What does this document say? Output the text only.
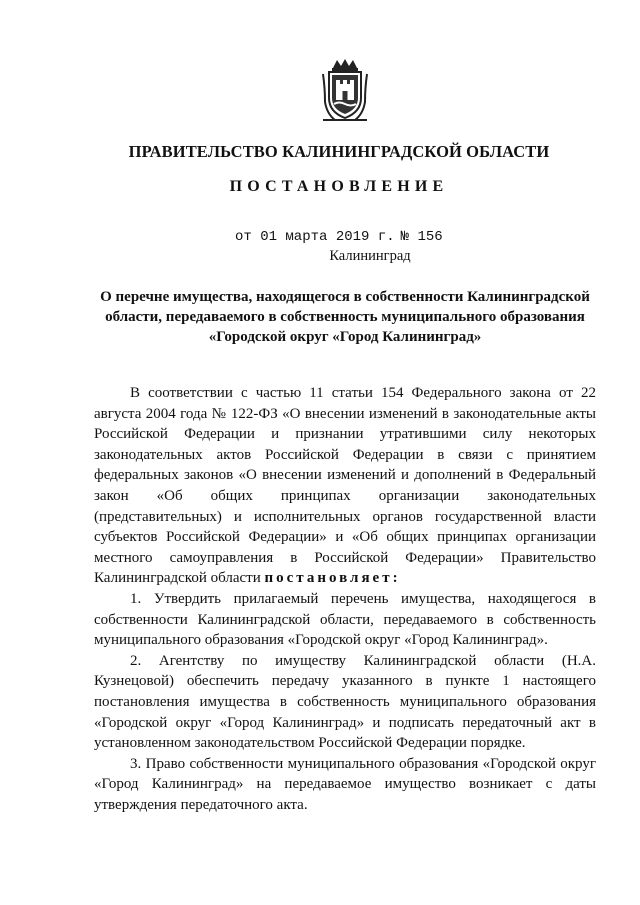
ПРАВИТЕЛЬСТВО КАЛИНИНГРАДСКОЙ ОБЛАСТИ
ПОСТАНОВЛЕНИЕ
от 01 марта 2019 г. № 156
Калининград
О перечне имущества, находящегося в собственности Калининградской области, передаваемого в собственность муниципального образования «Городской округ «Город Калининград»

В соответствии с частью 11 статьи 154 Федерального закона от 22 августа 2004 года № 122-ФЗ «О внесении изменений в законодательные акты Российской Федерации и признании утратившими силу некоторых законодательных актов Российской Федерации в связи с принятием федеральных законов «О внесении изменений и дополнений в Федеральный закон «Об общих принципах организации законодательных (представительных) и исполнительных органов государственной власти субъектов Российской Федерации» и «Об общих принципах организации местного самоуправления в Российской Федерации» Правительство Калининградской области постановляет:

1. Утвердить прилагаемый перечень имущества, находящегося в собственности Калининградской области, передаваемого в собственность муниципального образования «Городской округ «Город Калининград».

2. Агентству по имуществу Калининградской области (Н.А. Кузнецовой) обеспечить передачу указанного в пункте 1 настоящего постановления имущества в собственность муниципального образования «Городской округ «Город Калининград» и подписать передаточный акт в установленном законодательством Российской Федерации порядке.

3. Право собственности муниципального образования «Городской округ «Город Калининград» на передаваемое имущество возникает с даты утверждения передаточного акта.
